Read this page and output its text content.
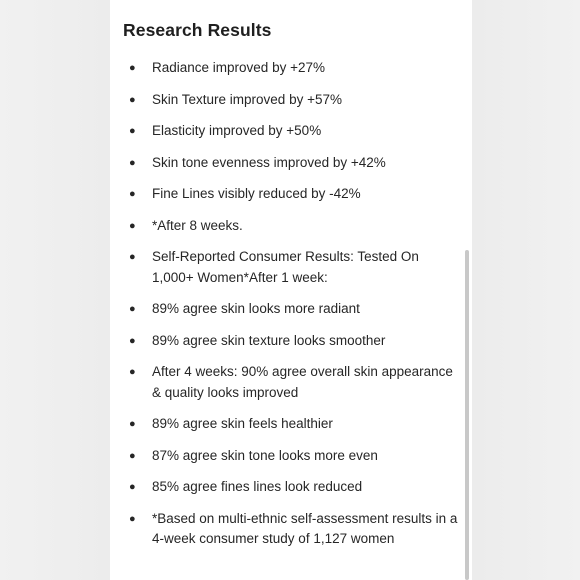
Research Results
● Radiance improved by +27%
● Skin Texture improved by +57%
● Elasticity improved by +50%
● Skin tone evenness improved by +42%
● Fine Lines visibly reduced by -42%
● *After 8 weeks.
● Self-Reported Consumer Results: Tested On 1,000+ Women*After 1 week:
● 89% agree skin looks more radiant
● 89% agree skin texture looks smoother
● After 4 weeks: 90% agree overall skin appearance & quality looks improved
● 89% agree skin feels healthier
● 87% agree skin tone looks more even
● 85% agree fines lines look reduced
● *Based on multi-ethnic self-assessment results in a 4-week consumer study of 1,127 women
